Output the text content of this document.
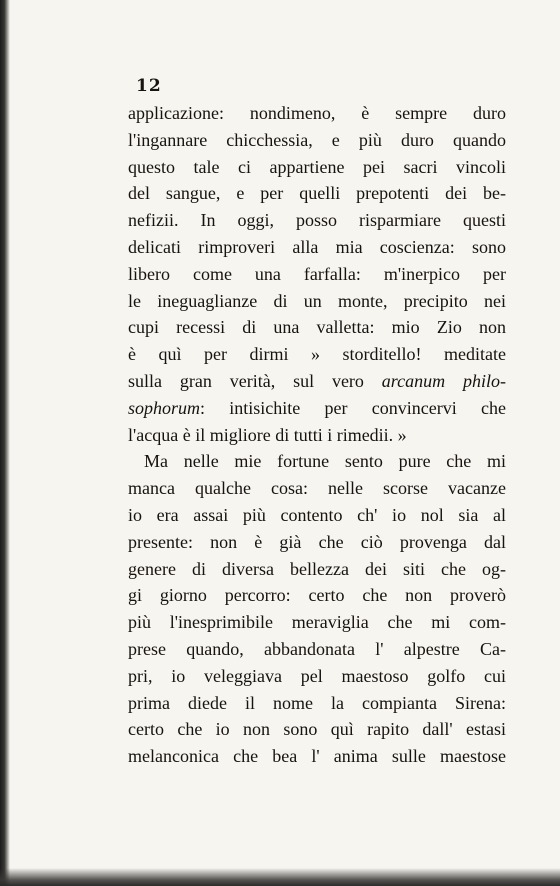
12
applicazione: nondimeno, è sempre duro
l'ingannare chicchessia, e più duro quando
questo tale ci appartiene pei sacri vincoli
del sangue, e per quelli prepotenti dei be-
nefizii. In oggi, posso risparmiare questi
delicati rimproveri alla mia coscienza: sono
libero come una farfalla: m'inerpico per
le ineguaglianze di un monte, precipito nei
cupi recessi di una valletta: mio Zio non
è quì per dirmi » storditello! meditate
sulla gran verità, sul vero arcanum philo-
sophorum: intisichite per convincervi che
l'acqua è il migliore di tutti i rimedii. »
Ma nelle mie fortune sento pure che mi
manca qualche cosa: nelle scorse vacanze
io era assai più contento ch' io nol sia al
presente: non è già che ciò provenga dal
genere di diversa bellezza dei siti che og-
gi giorno percorro: certo che non proverò
più l'inesprimibile meraviglia che mi com-
prese quando, abbandonata l' alpestre Ca-
pri, io veleggiava pel maestoso golfo cui
prima diede il nome la compianta Sirena:
certo che io non sono quì rapito dall' estasi
melanconica che bea l' anima sulle maestose
